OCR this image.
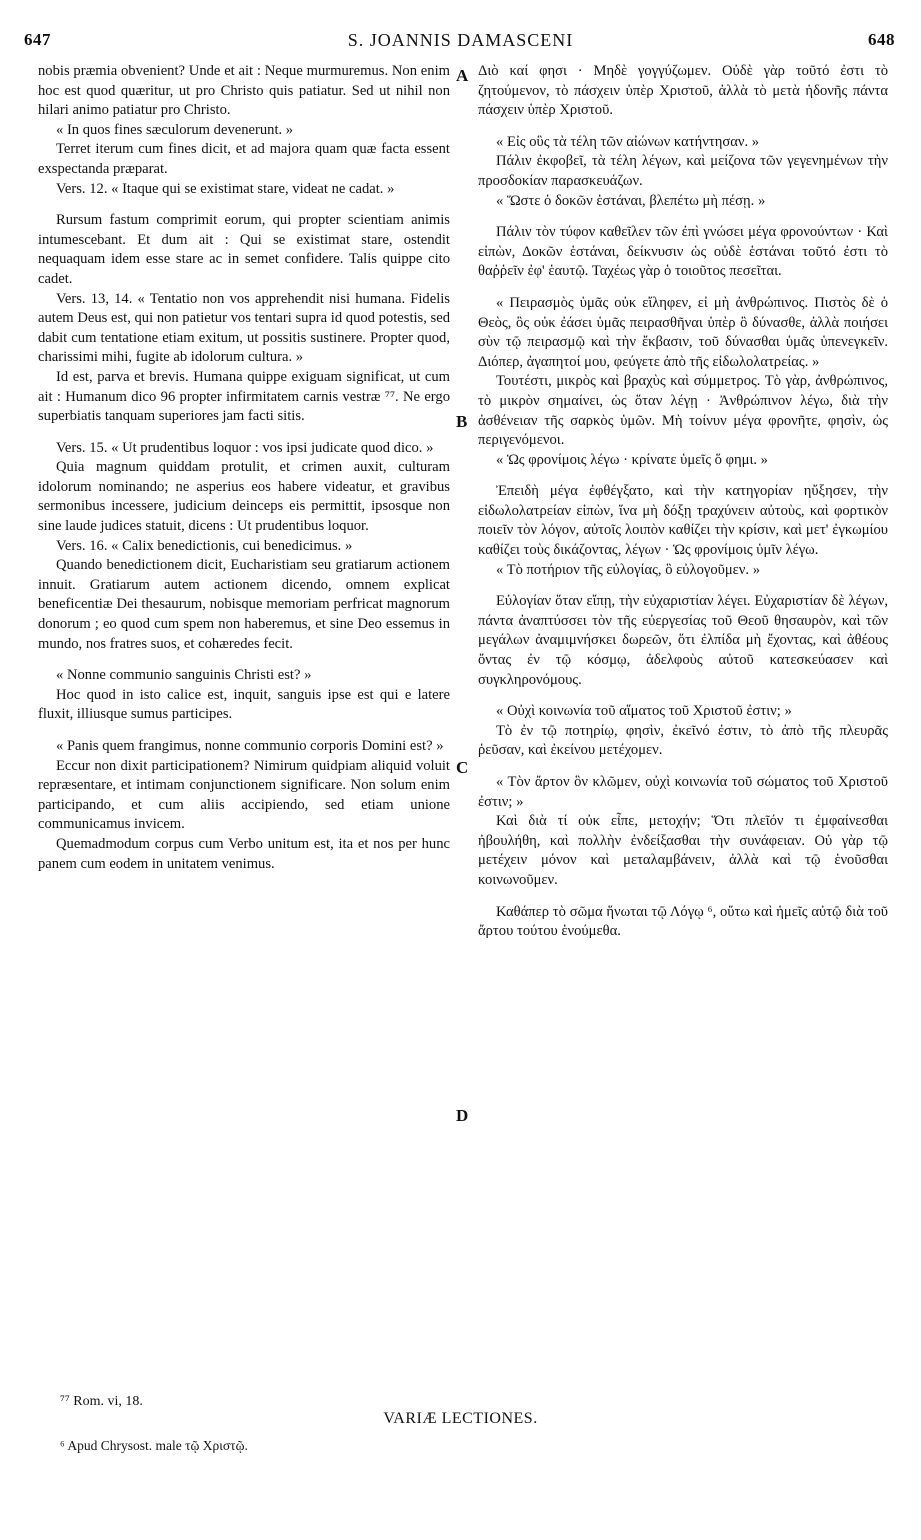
647	S. JOANNIS DAMASCENI	648
A
B
C
D

nobis præmia obvenient? Unde et ait : Neque murmuremus. Non enim hoc est quod quæritur, ut pro Christo quis patiatur. Sed ut nihil non hilari animo patiatur pro Christo.

« In quos fines sæculorum devenerunt. »

Terret iterum cum fines dicit, et ad majora quam quæ facta essent exspectanda præparat.

Vers. 12. « Itaque qui se existimat stare, videat ne cadat. »

Rursum fastum comprimit eorum, qui propter scientiam animis intumescebant. Et dum ait : Qui se existimat stare, ostendit nequaquam idem esse stare ac in semet confidere. Talis quippe cito cadet.

Vers. 13, 14. « Tentatio non vos apprehendit nisi humana. Fidelis autem Deus est, qui non patietur vos tentari supra id quod potestis, sed dabit cum tentatione etiam exitum, ut possitis sustinere. Propter quod, charissimi mihi, fugite ab idolorum cultura. »

Id est, parva et brevis. Humana quippe exiguam significat, ut cum ait : Humanum dico 96 propter infirmitatem carnis vestræ ⁷⁷. Ne ergo superbiatis tanquam superiores jam facti sitis.

Vers. 15. « Ut prudentibus loquor : vos ipsi judicate quod dico. »

Quia magnum quiddam protulit, et crimen auxit, culturam idolorum nominando; ne asperius eos habere videatur, et gravibus sermonibus incessere, judicium deinceps eis permittit, ipsosque non sine laude judices statuit, dicens : Ut prudentibus loquor.

Vers. 16. « Calix benedictionis, cui benedicimus. »

Quando benedictionem dicit, Eucharistiam seu gratiarum actionem innuit. Gratiarum autem actionem dicendo, omnem explicat beneficentiæ Dei thesaurum, nobisque memoriam perfricat magnorum donorum ; eo quod cum spem non haberemus, et sine Deo essemus in mundo, nos fratres suos, et cohæredes fecit.

« Nonne communio sanguinis Christi est? »

Hoc quod in isto calice est, inquit, sanguis ipse est qui e latere fluxit, illiusque sumus participes.

« Panis quem frangimus, nonne communio corporis Domini est? »

Eccur non dixit participationem? Nimirum quidpiam aliquid voluit repræsentare, et intimam conjunctionem significare. Non solum enim participando, et cum aliis accipiendo, sed etiam unione communicamus invicem.

Quemadmodum corpus cum Verbo unitum est, ita et nos per hunc panem cum eodem in unitatem venimus.

Διὸ καί φησι · Μηδὲ γογγύζωμεν. Οὐδὲ γὰρ τοῦτό ἐστι τὸ ζητούμενον, τὸ πάσχειν ὑπὲρ Χριστοῦ, ἀλλὰ τὸ μετὰ ἡδονῆς πάντα πάσχειν ὑπὲρ Χριστοῦ.

« Εἰς οὓς τὰ τέλη τῶν αἰώνων κατήντησαν. »

Πάλιν ἐκφοβεῖ, τὰ τέλη λέγων, καὶ μείζονα τῶν γεγενημένων τὴν προσδοκίαν παρασκευάζων.

« Ὥστε ὁ δοκῶν ἑστάναι, βλεπέτω μὴ πέσῃ. »

Πάλιν τὸν τύφον καθεῖλεν τῶν ἐπὶ γνώσει μέγα φρονούντων · Καὶ εἰπὼν, Δοκῶν ἑστάναι, δείκνυσιν ὡς οὐδὲ ἑστάναι τοῦτό ἐστι τὸ θαῤῥεῖν ἐφ' ἑαυτῷ. Ταχέως γὰρ ὁ τοιοῦτος πεσεῖται.

« Πειρασμὸς ὑμᾶς οὐκ εἴληφεν, εἰ μὴ ἀνθρώπινος. Πιστὸς δὲ ὁ Θεὸς, ὃς οὐκ ἐάσει ὑμᾶς πειρασθῆναι ὑπὲρ ὃ δύνασθε, ἀλλὰ ποιήσει σὺν τῷ πειρασμῷ καὶ τὴν ἔκβασιν, τοῦ δύνασθαι ὑμᾶς ὑπενεγκεῖν. Διόπερ, ἀγαπητοί μου, φεύγετε ἀπὸ τῆς εἰδωλολατρείας. »

Τουτέστι, μικρὸς καὶ βραχὺς καὶ σύμμετρος. Τὸ γὰρ, ἀνθρώπινος, τὸ μικρὸν σημαίνει, ὡς ὅταν λέγῃ · Ἀνθρώπινον λέγω, διὰ τὴν ἀσθένειαν τῆς σαρκὸς ὑμῶν. Μὴ τοίνυν μέγα φρονῆτε, φησὶν, ὡς περιγενόμενοι.

« Ὡς φρονίμοις λέγω · κρίνατε ὑμεῖς ὅ φημι. »

Ἐπειδὴ μέγα ἐφθέγξατο, καὶ τὴν κατηγορίαν ηὔξησεν, τὴν εἰδωλολατρείαν εἰπὼν, ἵνα μὴ δόξῃ τραχύνειν αὐτοὺς, καὶ φορτικὸν ποιεῖν τὸν λόγον, αὐτοῖς λοιπὸν καθίζει τὴν κρίσιν, καὶ μετ' ἐγκωμίου καθίζει τοὺς δικάζοντας, λέγων · Ὡς φρονίμοις ὑμῖν λέγω.

« Τὸ ποτήριον τῆς εὐλογίας, ὃ εὐλογοῦμεν. »

Εὐλογίαν ὅταν εἴπῃ, τὴν εὐχαριστίαν λέγει. Εὐχαριστίαν δὲ λέγων, πάντα ἀναπτύσσει τὸν τῆς εὐεργεσίας τοῦ Θεοῦ θησαυρὸν, καὶ τῶν μεγάλων ἀναμιμνήσκει δωρεῶν, ὅτι ἐλπίδα μὴ ἔχοντας, καὶ ἀθέους ὄντας ἐν τῷ κόσμῳ, ἀδελφοὺς αὐτοῦ κατεσκεύασεν καὶ συγκληρονόμους.

« Οὐχὶ κοινωνία τοῦ αἵματος τοῦ Χριστοῦ ἐστιν; »

Τὸ ἐν τῷ ποτηρίῳ, φησὶν, ἐκεῖνό ἐστιν, τὸ ἀπὸ τῆς πλευρᾶς ῥεῦσαν, καὶ ἐκείνου μετέχομεν.

« Τὸν ἄρτον ὃν κλῶμεν, οὐχὶ κοινωνία τοῦ σώματος τοῦ Χριστοῦ ἐστιν; »

Καὶ διὰ τί οὐκ εἶπε, μετοχήν; Ὅτι πλεῖόν τι ἐμφαίνεσθαι ἠβουλήθη, καὶ πολλὴν ἐνδείξασθαι τὴν συνάφειαν. Οὐ γὰρ τῷ μετέχειν μόνον καὶ μεταλαμβάνειν, ἀλλὰ καὶ τῷ ἑνοῦσθαι κοινωνοῦμεν.

Καθάπερ τὸ σῶμα ἥνωται τῷ Λόγῳ ⁶, οὕτω καὶ ἡμεῖς αὐτῷ διὰ τοῦ ἄρτου τούτου ἑνούμεθα.

⁷⁷ Rom. vi, 18.
VARIÆ LECTIONES.
⁶ Apud Chrysost. male τῷ Χριστῷ.
